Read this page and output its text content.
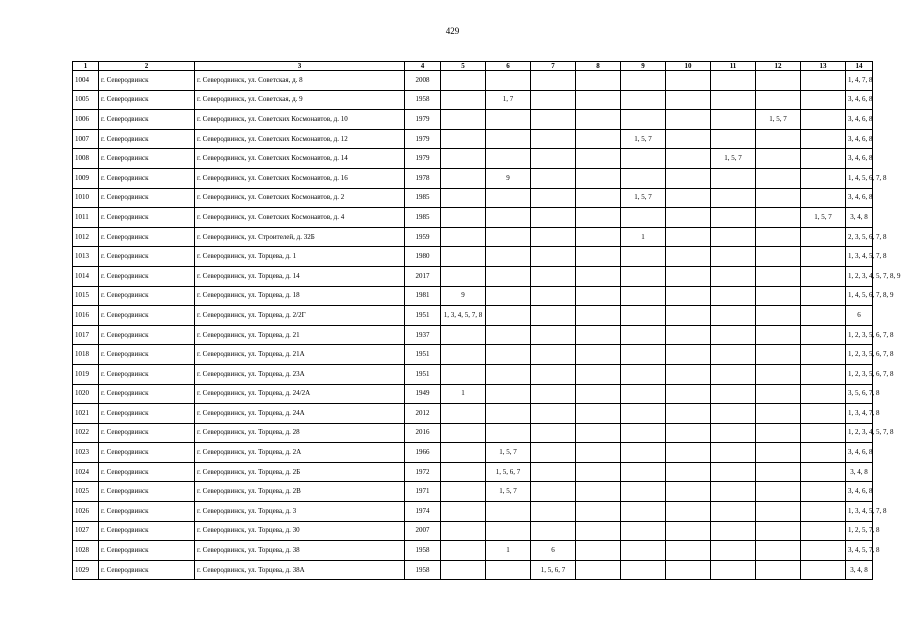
429
1	2	3	4	5	6	7	8	9	10	11	12	13	14
1004	г. Северодвинск	г. Северодвинск, ул. Советская, д. 8	2008										1, 4, 7, 8
1005	г. Северодвинск	г. Северодвинск, ул. Советская, д. 9	1958		1, 7								3, 4, 6, 8
1006	г. Северодвинск	г. Северодвинск, ул. Советских Космонавтов, д. 10	1979								1, 5, 7		3, 4, 6, 8
1007	г. Северодвинск	г. Северодвинск, ул. Советских Космонавтов, д. 12	1979					1, 5, 7					3, 4, 6, 8
1008	г. Северодвинск	г. Северодвинск, ул. Советских Космонавтов, д. 14	1979							1, 5, 7			3, 4, 6, 8
1009	г. Северодвинск	г. Северодвинск, ул. Советских Космонавтов, д. 16	1978		9								1, 4, 5, 6, 7, 8
1010	г. Северодвинск	г. Северодвинск, ул. Советских Космонавтов, д. 2	1985					1, 5, 7					3, 4, 6, 8
1011	г. Северодвинск	г. Северодвинск, ул. Советских Космонавтов, д. 4	1985									1, 5, 7	3, 4, 8
1012	г. Северодвинск	г. Северодвинск, ул. Строителей, д. 32Б	1959					1					2, 3, 5, 6, 7, 8
1013	г. Северодвинск	г. Северодвинск, ул. Торцева, д. 1	1980										1, 3, 4, 5, 7, 8
1014	г. Северодвинск	г. Северодвинск, ул. Торцева, д. 14	2017										1, 2, 3, 4, 5, 7, 8, 9
1015	г. Северодвинск	г. Северодвинск, ул. Торцева, д. 18	1981	9									1, 4, 5, 6, 7, 8, 9
1016	г. Северодвинск	г. Северодвинск, ул. Торцева, д. 2/2Г	1951	1, 3, 4, 5, 7, 8									6
1017	г. Северодвинск	г. Северодвинск, ул. Торцева, д. 21	1937										1, 2, 3, 5, 6, 7, 8
1018	г. Северодвинск	г. Северодвинск, ул. Торцева, д. 21А	1951										1, 2, 3, 5, 6, 7, 8
1019	г. Северодвинск	г. Северодвинск, ул. Торцева, д. 23А	1951										1, 2, 3, 5, 6, 7, 8
1020	г. Северодвинск	г. Северодвинск, ул. Торцева, д. 24/2А	1949	1									3, 5, 6, 7, 8
1021	г. Северодвинск	г. Северодвинск, ул. Торцева, д. 24А	2012										1, 3, 4, 7, 8
1022	г. Северодвинск	г. Северодвинск, ул. Торцева, д. 28	2016										1, 2, 3, 4, 5, 7, 8
1023	г. Северодвинск	г. Северодвинск, ул. Торцева, д. 2А	1966		1, 5, 7								3, 4, 6, 8
1024	г. Северодвинск	г. Северодвинск, ул. Торцева, д. 2Б	1972		1, 5, 6, 7								3, 4, 8
1025	г. Северодвинск	г. Северодвинск, ул. Торцева, д. 2В	1971		1, 5, 7								3, 4, 6, 8
1026	г. Северодвинск	г. Северодвинск, ул. Торцева, д. 3	1974										1, 3, 4, 5, 7, 8
1027	г. Северодвинск	г. Северодвинск, ул. Торцева, д. 30	2007										1, 2, 5, 7, 8
1028	г. Северодвинск	г. Северодвинск, ул. Торцева, д. 38	1958		1	6							3, 4, 5, 7, 8
1029	г. Северодвинск	г. Северодвинск, ул. Торцева, д. 38А	1958			1, 5, 6, 7							3, 4, 8
